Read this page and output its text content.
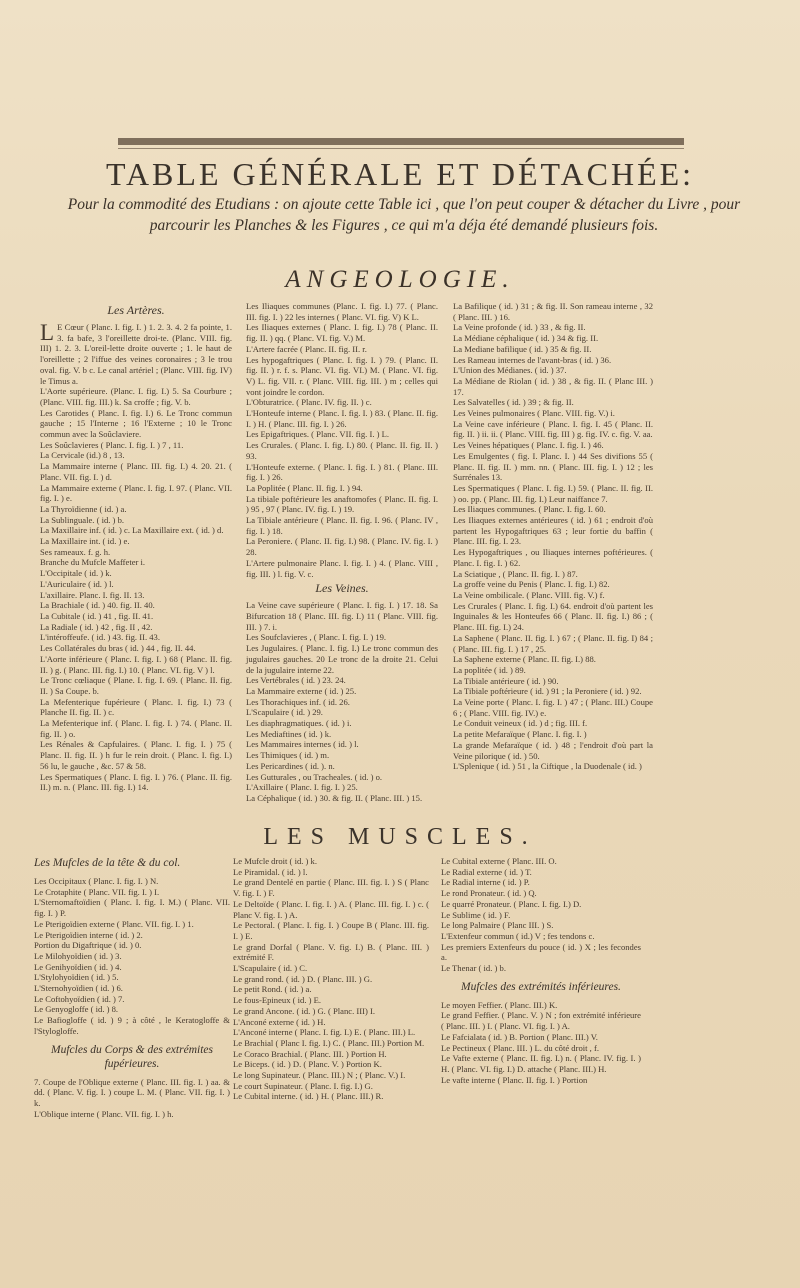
TABLE GÉNÉRALE ET DÉTACHÉE:
Pour la commodité des Etudians : on ajoute cette Table ici , que l'on peut couper & détacher du Livre , pour parcourir les Planches & les Figures , ce qui m'a déja été demandé plusieurs fois.
ANGEOLOGIE.
Les Artères.
L E Cœur ( Planc. I. fig. I. ) 1. 2. 3. 4. 2 fa pointe, 1. 3. fa bafe, 3 l'oreillette droi-te. (Planc. VIII. fig. III) 1. 2. 3. L'oreil-lette droite ouverte ; 1. le haut de l'oreillette ; 2 l'iffue des veines coronaires ; 3 le trou oval. fig. V. b c. Le canal artériel ; (Planc. VIII. fig. IV) le Timus a.

L'Aorte supérieure. (Planc. I. fig. I.) 5. Sa Courbure ; (Planc. VIII. fig. III.) k. Sa croffe ; fig. V. b.

Les Carotides ( Planc. I. fig. I.) 6. Le Tronc commun gauche ; 15 l'Interne ; 16 l'Externe ; 10 le Tronc commun avec la Soûclaviere.

Les Soûclavieres ( Planc. I. fig. I. ) 7 , 11.

La Cervicale (id.) 8 , 13.

La Mammaire interne ( Planc. III. fig. I.) 4. 20. 21. ( Planc. VII. fig. I. ) d.

La Mammaire externe ( Planc. I. fig. I. 97. ( Planc. VII. fig. I. ) e.

La Thyroïdienne ( id. ) a.

La Sublinguale. ( id. ) b.

La Maxillaire inf. ( id. ) c. La Maxillaire ext. ( id. ) d.

La Maxillaire int. ( id. ) e.

Ses rameaux. f. g. h.

Branche du Mufcle Maffeter i.

L'Occipitale ( id. ) k.

L'Auriculaire ( id. ) l.

L'axillaire. Planc. I. fig. II. 13.

La Brachiale ( id. ) 40. fig. II. 40.

La Cubitale ( id. ) 41 , fig. II. 41.

La Radiale ( id. ) 42 , fig. II , 42.

L'intéroffeufe. ( id. ) 43. fig. II. 43.

Les Collatérales du bras ( id. ) 44 , fig. II. 44.

L'Aorte inférieure ( Planc. I. fig. I. ) 68 ( Planc. II. fig. II. ) g. ( Planc. III. fig. I.) 10. ( Planc. VI. fig. V ) l.

Le Tronc cœliaque ( Plane. I. fig. I. 69. ( Planc. II. fig. II. ) Sa Coupe. b.

La Mefenterique fupérieure ( Planc. I. fig. I.) 73 ( Planche II. fig. II. ) c.

La Mefenterique inf. ( Planc. I. fig. I. ) 74. ( Planc. II. fig. II. ) o.

Les Rénales & Capfulaires. ( Planc. I. fig. I. ) 75 ( Planc. II. fig. II. ) h fur le rein droit. ( Planc. I. fig. I.) 56 lu, le gauche , &c. 57 & 58.

Les Spermatiques ( Planc. I. fig. I. ) 76. ( Planc. II. fig. II.) m. n. ( Planc. III. fig. I.) 14.

Les Iliaques communes (Planc. I. fig. I.) 77. ( Planc. III. fig. I. ) 22 les internes ( Planc. VI. fig. V) K L.

Les Iliaques externes ( Planc. I. fig. I.) 78 ( Planc. II. fig. II. ) qq. ( Planc. VI. fig. V.) M.

L'Artere facrée ( Planc. II. fig. II. r.

Les hypogaftriques ( Planc. I. fig. I. ) 79. ( Planc. II. fig. II. ) r. f. s. Planc. VI. fig. VI.) M. ( Planc. VI. fig. V) L. fig. VII. r. ( Planc. VIII. fig. III. ) m ; celles qui vont joindre le cordon.

L'Obturatrice. ( Planc. IV. fig. II. ) c.

L'Honteufe interne ( Planc. I. fig. I. ) 83. ( Planc. II. fig. I. ) H. ( Planc. III. fig. I. ) 26.

Les Epigaftriques. ( Planc. VII. fig. I. ) L.

Les Crurales. ( Planc. I. fig. I.) 80. ( Planc. II. fig. II. ) 93.

L'Honteufe externe. ( Planc. I. fig. I. ) 81. ( Planc. III. fig. I. ) 26.

La Poplitée ( Planc. II. fig. I. ) 94.

La tibiale poftérieure les anaftomofes ( Planc. II. fig. I. ) 95 , 97 ( Planc. IV. fig. I. ) 19.

La Tibiale antérieure ( Planc. II. fig. I. 96. ( Planc. IV , fig. I. ) 18.

La Peroniere. ( Planc. II. fig. I.) 98. ( Planc. IV. fig. I. ) 28.

L'Artere pulmonaire Planc. I. fig. I. ) 4. ( Planc. VIII , fig. III. ) l. fig. V. c.

Les Veines.

La Veine cave supérieure ( Planc. I. fig. I. ) 17. 18. Sa Bifurcation 18 ( Planc. III. fig. I.) 11 ( Planc. VIII. fig. III. ) 7. i.

Les Soufclavieres , ( Planc. I. fig. I. ) 19.

Les Jugulaires. ( Planc. I. fig. I.) Le tronc commun des jugulaires gauches. 20 Le tronc de la droite 21. Celui de la jugulaire interne 22.

Les Vertébrales ( id. ) 23. 24.

La Mammaire externe ( id. ) 25.

Les Thorachiques inf. ( id. 26.

L'Scapulaire ( id. ) 29.

Les diaphragmatiques. ( id. ) i.

Les Mediaftines ( id. ) k.

Les Mammaires internes ( id. ) l.

Les Thimiques ( id. ) m.

Les Pericardines ( id. ). n.

Les Gutturales , ou Tracheales. ( id. ) o.

L'Axillaire ( Planc. I. fig. I. ) 25.

La Céphalique ( id. ) 30. & fig. II. ( Planc. III. ) 15.

La Bafilique ( id. ) 31 ; & fig. II. Son rameau interne , 32 ( Planc. III. ) 16.

La Veine profonde ( id. ) 33 , & fig. II.

La Médiane céphalique ( id. ) 34 & fig. II.

La Mediane bafilique ( id. ) 35 & fig. II.

Les Rameau internes de l'avant-bras ( id. ) 36.

L'Union des Médianes. ( id. ) 37.

La Médiane de Riolan ( id. ) 38 , & fig. II. ( Planc III. ) 17.

Les Salvatelles ( id. ) 39 ; & fig. II.

Les Veines pulmonaires ( Planc. VIII. fig. V.) i.

La Veine cave inférieure ( Planc. I. fig. I. 45 ( Planc. II. fig. II. ) ii. ii. ( Planc. VIII. fig. III ) g. fig. IV. c. fig. V. aa.

Les Veines hépatiques ( Planc. I. fig. I. ) 46.

Les Emulgentes ( fig. I. Planc. I. ) 44 Ses divifions 55 ( Planc. II. fig. II. ) mm. nn. ( Planc. III. fig. I. ) 12 ; les Surrénales 13.

Les Spermatiques ( Planc. I. fig. I.) 59. ( Planc. II. fig. II. ) oo. pp. ( Planc. III. fig. I.) Leur naiffance 7.

Les Iliaques communes. ( Planc. I. fig. I. 60.

Les Iliaques externes antérieures ( id. ) 61 ; endroit d'où partent les Hypogaftriques 63 ; leur fortie du baffin ( Planc. III. fig. I. 23.

Les Hypogaftriques , ou Iliaques internes poftérieures. ( Planc. I. fig. I. ) 62.

La Sciatique , ( Planc. II. fig. I. ) 87.

La groffe veine du Penis ( Planc. I. fig. I.) 82.

La Veine ombilicale. ( Planc. VIII. fig. V.) f.

Les Crurales ( Planc. I. fig. I.) 64. endroit d'où partent les Inguinales & les Honteufes 66 ( Planc. II. fig. I.) 86 ; ( Planc. III. fig. I.) 24.

La Saphene ( Planc. II. fig. I. ) 67 ; ( Planc. II. fig. I) 84 ; ( Planc. III. fig. I. ) 17 , 25.

La Saphene externe ( Planc. II. fig. I.) 88.

La poplitée ( id. ) 89.

La Tibiale antérieure ( id. ) 90.

La Tibiale poftérieure ( id. ) 91 ; la Peroniere ( id. ) 92.

La Veine porte ( Planc. I. fig. I. ) 47 ; ( Planc. III.) Coupe 6 ; ( Planc. VIII. fig. IV.) e.

Le Conduit veineux ( id. ) d ; fig. III. f.

La petite Mefaraïque ( Planc. I. fig. I. )

La grande Mefaraïque ( id. ) 48 ; l'endroit d'où part la Veine pilorique ( id. ) 50.

L'Splenique ( id. ) 51 , la Ciftique , la Duodenale ( id. )

LES MUSCLES.
Les Mufcles de la tête & du col.

Les Occipitaux ( Planc. I. fig. I. ) N.

Le Crotaphite ( Planc. VII. fig. I. ) I.

L'Sternomaftoïdien ( Planc. I. fig. I. M.) ( Planc. VII. fig. I. ) P.

Le Pterigoïdien externe ( Planc. VII. fig. I. ) 1.

Le Pterigoïdien interne ( id. ) 2.

Portion du Digaftrique ( id. ) 0.

Le Milohyoïdien ( id. ) 3.

Le Genihyoïdien ( id. ) 4.

L'Stylohyoïdien ( id. ) 5.

L'Sternohyoïdien ( id. ) 6.

Le Coftohyoïdien ( id. ) 7.

Le Genyogloffe ( id. ) 8.

Le Bafiogloffe ( id. ) 9 ; à côté , le Keratogloffe & l'Stylogloffe.

Mufcles du Corps & des extrémites fupérieures.

7. Coupe de l'Oblique externe ( Planc. III. fig. I. ) aa. & dd. ( Planc. V. fig. I. ) coupe L. M. ( Planc. VII. fig. I. ) k.

L'Oblique interne ( Planc. VII. fig. I. ) h.

Le Mufcle droit ( id. ) k.

Le Piramidal. ( id. ) l.

Le grand Dentelé en partie ( Planc. III. fig. I. ) S ( Planc V. fig. I. ) F.

Le Deltoïde ( Planc. I. fig. I. ) A. ( Planc. III. fig. I. ) c. ( Planc V. fig. I. ) A.

Le Pectoral. ( Planc. I. fig. I. ) Coupe B ( Planc. III. fig. I. ) E.

Le grand Dorfal ( Planc. V. fig. I.) B. ( Planc. III. ) extrémité F.

L'Scapulaire ( id. ) C.

Le grand rond. ( id. ) D. ( Planc. III. ) G.

Le petit Rond. ( id. ) a.

Le fous-Epineux ( id. ) E.

Le grand Ancone. ( id. ) G. ( Planc. III) I.

L'Anconé externe ( id. ) H.

L'Anconé interne ( Planc. I. fig. I.) E. ( Planc. III.) L.

Le Brachial ( Planc I. fig. I.) C. ( Planc. III.) Portion M.

Le Coraco Brachial. ( Planc. III. ) Portion H.

Le Biceps. ( id. ) D. ( Planc. V. ) Portion K.

Le long Supinateur. ( Planc. III.) N ; ( Planc. V.) I.

Le court Supinateur. ( Planc. I. fig. I.) G.

Le Cubital interne. ( id. ) H. ( Planc. III.) R.

Le Cubital externe ( Planc. III. O.

Le Radial externe ( id. ) T.

Le Radial interne ( id. ) P.

Le rond Pronateur. ( id. ) Q.

Le quarré Pronateur. ( Planc. I. fig. I.) D.

Le Sublime ( id. ) F.

Le long Palmaire ( Planc III. ) S.

L'Extenfeur commun ( id.) V ; fes tendons c.

Les premiers Extenfeurs du pouce ( id. ) X ; les fecondes a.

Le Thenar ( id. ) b.

Mufcles des extrémités inférieures.

Le moyen Feffier. ( Planc. III.) K.

Le grand Feffier. ( Planc. V. ) N ; fon extrémité inférieure ( Planc. III. ) I. ( Planc. VI. fig. I. ) A.

Le Fafcialata ( id. ) B. Portion ( Planc. III.) V.

Le Pectineux ( Planc. III. ) L. du côté droit , f.

Le Vafte externe ( Planc. II. fig. I.) n. ( Planc. IV. fig. I. ) H. ( Planc. VI. fig. I.) D. attache ( Planc. III.) H.

Le vafte interne ( Planc. II. fig. I. ) Portion
